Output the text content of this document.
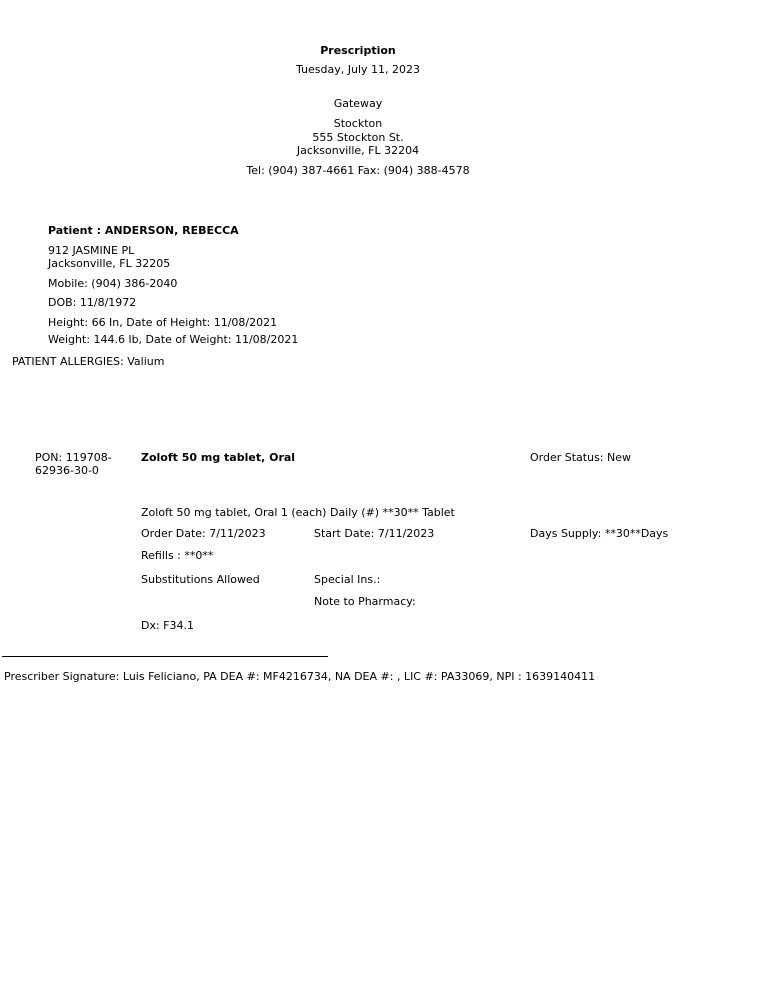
Prescription
Tuesday, July 11, 2023
Gateway
Stockton
555 Stockton St.
Jacksonville, FL 32204
Tel: (904) 387-4661 Fax: (904) 388-4578
Patient : ANDERSON, REBECCA
912 JASMINE PL
Jacksonville, FL 32205
Mobile: (904) 386-2040
DOB: 11/8/1972
Height: 66 In, Date of Height: 11/08/2021
Weight: 144.6 lb, Date of Weight: 11/08/2021
PATIENT ALLERGIES: Valium
PON: 119708-
62936-30-0
Zoloft 50 mg tablet, Oral	Order Status: New
Zoloft 50 mg tablet, Oral 1 (each) Daily (#) **30** Tablet
Order Date: 7/11/2023	Start Date: 7/11/2023	Days Supply: **30**Days
Refills : **0**
Substitutions Allowed	Special Ins.:
Note to Pharmacy:
Dx: F34.1
Prescriber Signature: Luis Feliciano, PA DEA #: MF4216734, NA DEA #: , LIC #: PA33069, NPI : 1639140411
